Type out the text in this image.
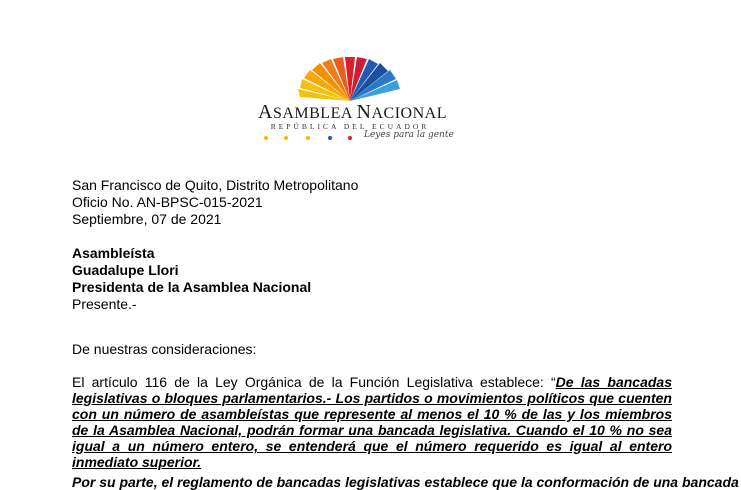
ASAMBLEA NACIONAL
REPÚBLICA DEL ECUADOR
Leyes para la gente
San Francisco de Quito, Distrito Metropolitano
Oficio No. AN-BPSC-015-2021
Septiembre, 07 de 2021
Asambleísta
Guadalupe Llori
Presidenta de la Asamblea Nacional
Presente.-
De nuestras consideraciones:
El artículo 116 de la Ley Orgánica de la Función Legislativa establece: “De las bancadas legislativas o bloques parlamentarios.- Los partidos o movimientos políticos que cuenten con un número de asambleístas que represente al menos el 10 % de las y los miembros de la Asamblea Nacional, podrán formar una bancada legislativa. Cuando el 10 % no sea igual a un número entero, se entenderá que el número requerido es igual al entero inmediato superior.
Por su parte, el reglamento de bancadas legislativas establece que la conformación de una bancada
